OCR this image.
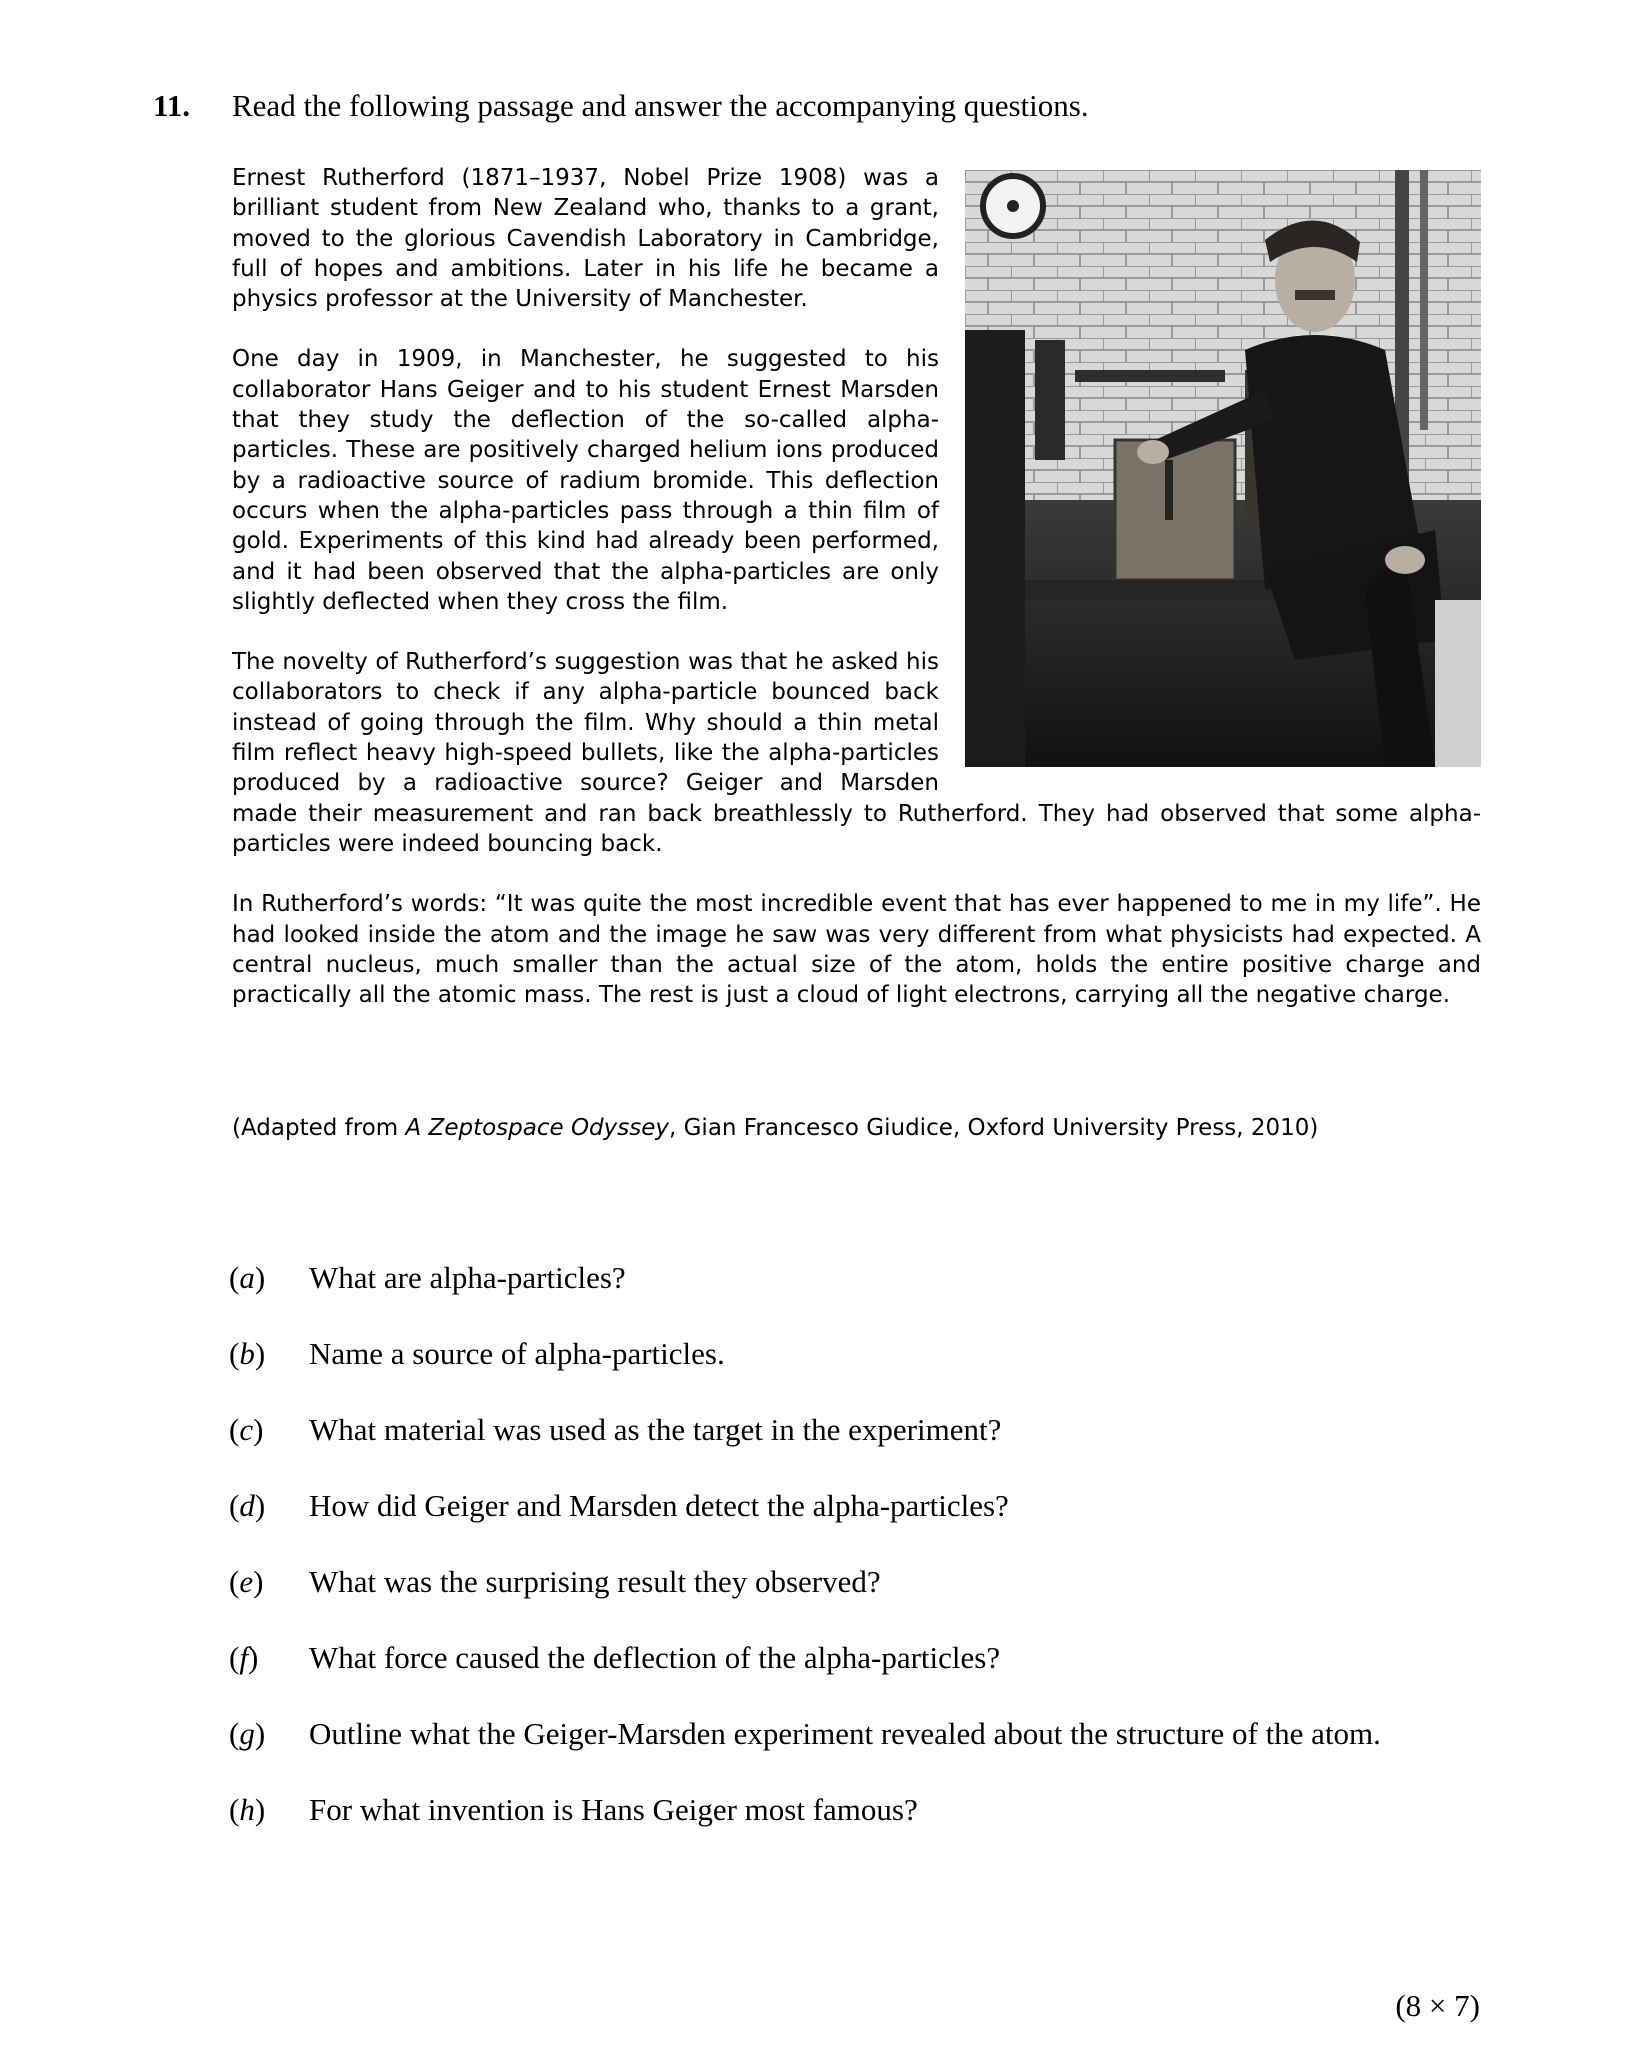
11. Read the following passage and answer the accompanying questions.

Ernest Rutherford (1871–1937, Nobel Prize 1908) was a brilliant student from New Zealand who, thanks to a grant, moved to the glorious Cavendish Laboratory in Cambridge, full of hopes and ambitions. Later in his life he became a physics professor at the University of Manchester.

One day in 1909, in Manchester, he suggested to his collaborator Hans Geiger and to his student Ernest Marsden that they study the deflection of the so-called alpha-particles. These are positively charged helium ions produced by a radioactive source of radium bromide. This deflection occurs when the alpha-particles pass through a thin film of gold. Experiments of this kind had already been performed, and it had been observed that the alpha-particles are only slightly deflected when they cross the film.

The novelty of Rutherford’s suggestion was that he asked his collaborators to check if any alpha-particle bounced back instead of going through the film. Why should a thin metal film reflect heavy high-speed bullets, like the alpha-particles produced by a radioactive source? Geiger and Marsden made their measurement and ran back breathlessly to Rutherford. They had observed that some alpha-particles were indeed bouncing back.

In Rutherford’s words: “It was quite the most incredible event that has ever happened to me in my life”. He had looked inside the atom and the image he saw was very different from what physicists had expected. A central nucleus, much smaller than the actual size of the atom, holds the entire positive charge and practically all the atomic mass. The rest is just a cloud of light electrons, carrying all the negative charge.

(Adapted from A Zeptospace Odyssey, Gian Francesco Giudice, Oxford University Press, 2010)
(a) What are alpha-particles?
(b) Name a source of alpha-particles.
(c) What material was used as the target in the experiment?
(d) How did Geiger and Marsden detect the alpha-particles?
(e) What was the surprising result they observed?
(f) What force caused the deflection of the alpha-particles?
(g) Outline what the Geiger-Marsden experiment revealed about the structure of the atom.
(h) For what invention is Hans Geiger most famous?
(8 × 7)
